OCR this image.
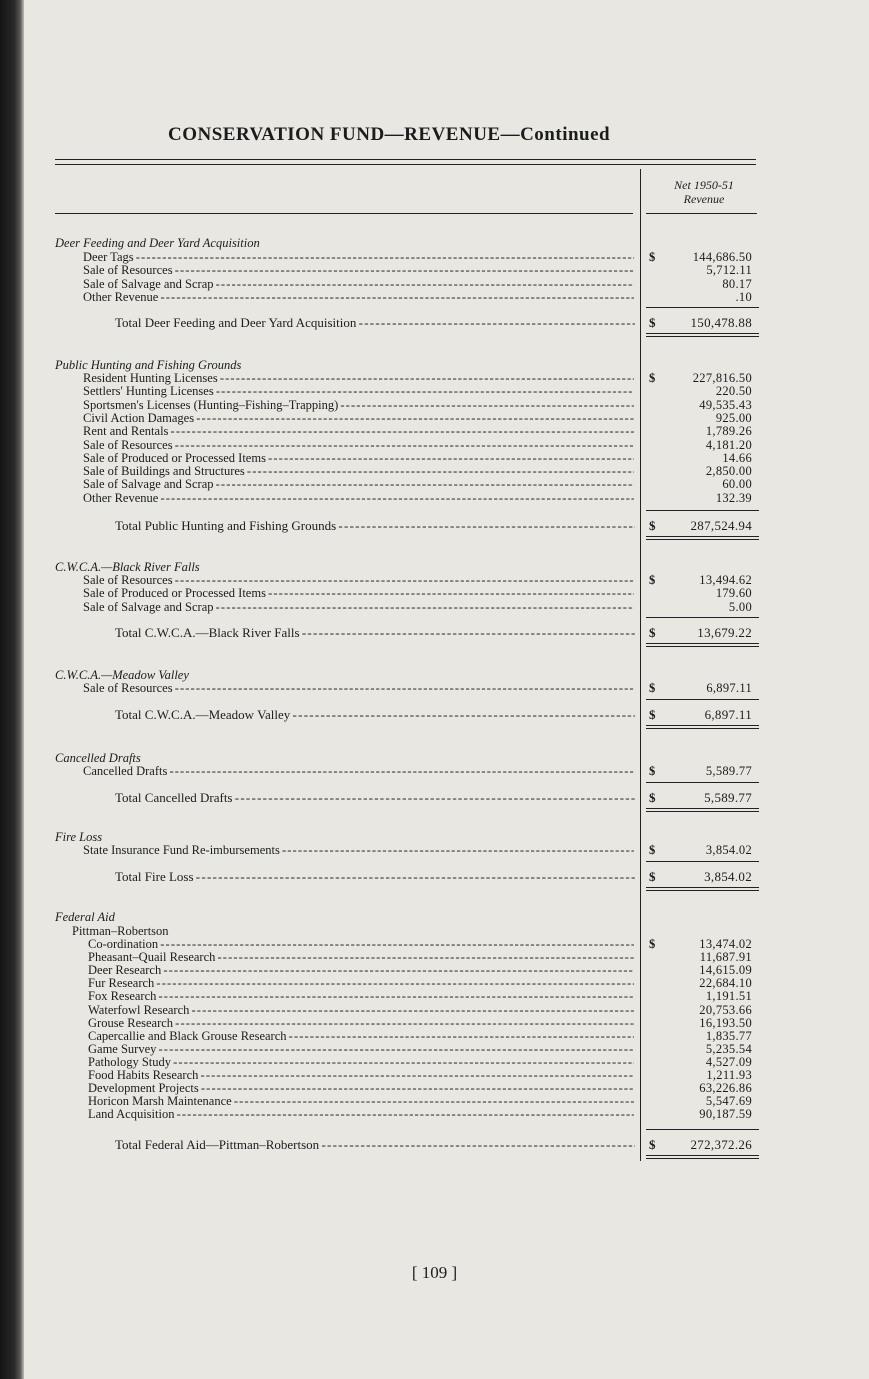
CONSERVATION FUND—REVENUE—Continued
Net 1950-51
Revenue
Deer Feeding and Deer Yard Acquisition
Deer Tags - - -	$	144,686.50
Sale of Resources - - -	5,712.11
Sale of Salvage and Scrap - - -	80.17
Other Revenue - - -	.10
Total Deer Feeding and Deer Yard Acquisition - - -	$	150,478.88
Public Hunting and Fishing Grounds
Resident Hunting Licenses - - -	$	227,816.50
Settlers' Hunting Licenses - - -	220.50
Sportsmen's Licenses (Hunting–Fishing–Trapping) - - -	49,535.43
Civil Action Damages - - -	925.00
Rent and Rentals - - -	1,789.26
Sale of Resources - - -	4,181.20
Sale of Produced or Processed Items - - -	14.66
Sale of Buildings and Structures - - -	2,850.00
Sale of Salvage and Scrap - - -	60.00
Other Revenue - - -	132.39
Total Public Hunting and Fishing Grounds - - -	$	287,524.94
C.W.C.A.—Black River Falls
Sale of Resources - - -	$	13,494.62
Sale of Produced or Processed Items - - -	179.60
Sale of Salvage and Scrap - - -	5.00
Total C.W.C.A.—Black River Falls - - -	$	13,679.22
C.W.C.A.—Meadow Valley
Sale of Resources - - -	$	6,897.11
Total C.W.C.A.—Meadow Valley - - -	$	6,897.11
Cancelled Drafts
Cancelled Drafts - - -	$	5,589.77
Total Cancelled Drafts - - -	$	5,589.77
Fire Loss
State Insurance Fund Re-imbursements - - -	$	3,854.02
Total Fire Loss - - -	$	3,854.02
Federal Aid
Pittman–Robertson
Co-ordination - - -	$	13,474.02
Pheasant–Quail Research - - -	11,687.91
Deer Research - - -	14,615.09
Fur Research - - -	22,684.10
Fox Research - - -	1,191.51
Waterfowl Research - - -	20,753.66
Grouse Research - - -	16,193.50
Capercallie and Black Grouse Research - - -	1,835.77
Game Survey - - -	5,235.54
Pathology Study - - -	4,527.09
Food Habits Research - - -	1,211.93
Development Projects - - -	63,226.86
Horicon Marsh Maintenance - - -	5,547.69
Land Acquisition - - -	90,187.59
Total Federal Aid—Pittman–Robertson - - -	$	272,372.26
[ 109 ]
